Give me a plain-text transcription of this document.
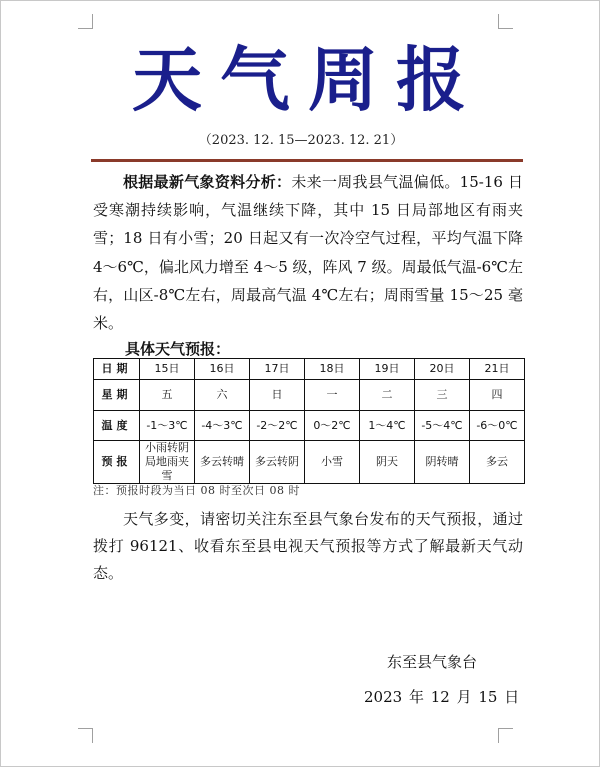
天气周报
（2023. 12. 15—2023. 12. 21）

根据最新气象资料分析：未来一周我县气温偏低。15-16 日受寒潮持续影响，气温继续下降，其中 15 日局部地区有雨夹雪；18 日有小雪；20 日起又有一次冷空气过程，平均气温下降 4～6℃，偏北风力增至 4～5 级，阵风 7 级。周最低气温-6℃左右，山区-8℃左右，周最高气温 4℃左右；周雨雪量 15～25 毫米。

具体天气预报：
日期	15日	16日	17日	18日	19日	20日	21日
星期	五	六	日	一	二	三	四
温度	-1～3℃	-4～3℃	-2～2℃	0～2℃	1～4℃	-5～4℃	-6～0℃
预报	小雨转阴
局地雨夹雪	多云转晴	多云转阴	小雪	阴天	阴转晴	多云
注：预报时段为当日 08 时至次日 08 时

天气多变，请密切关注东至县气象台发布的天气预报，通过拨打 96121、收看东至县电视天气预报等方式了解最新天气动态。

东至县气象台
2023 年 12 月 15 日
